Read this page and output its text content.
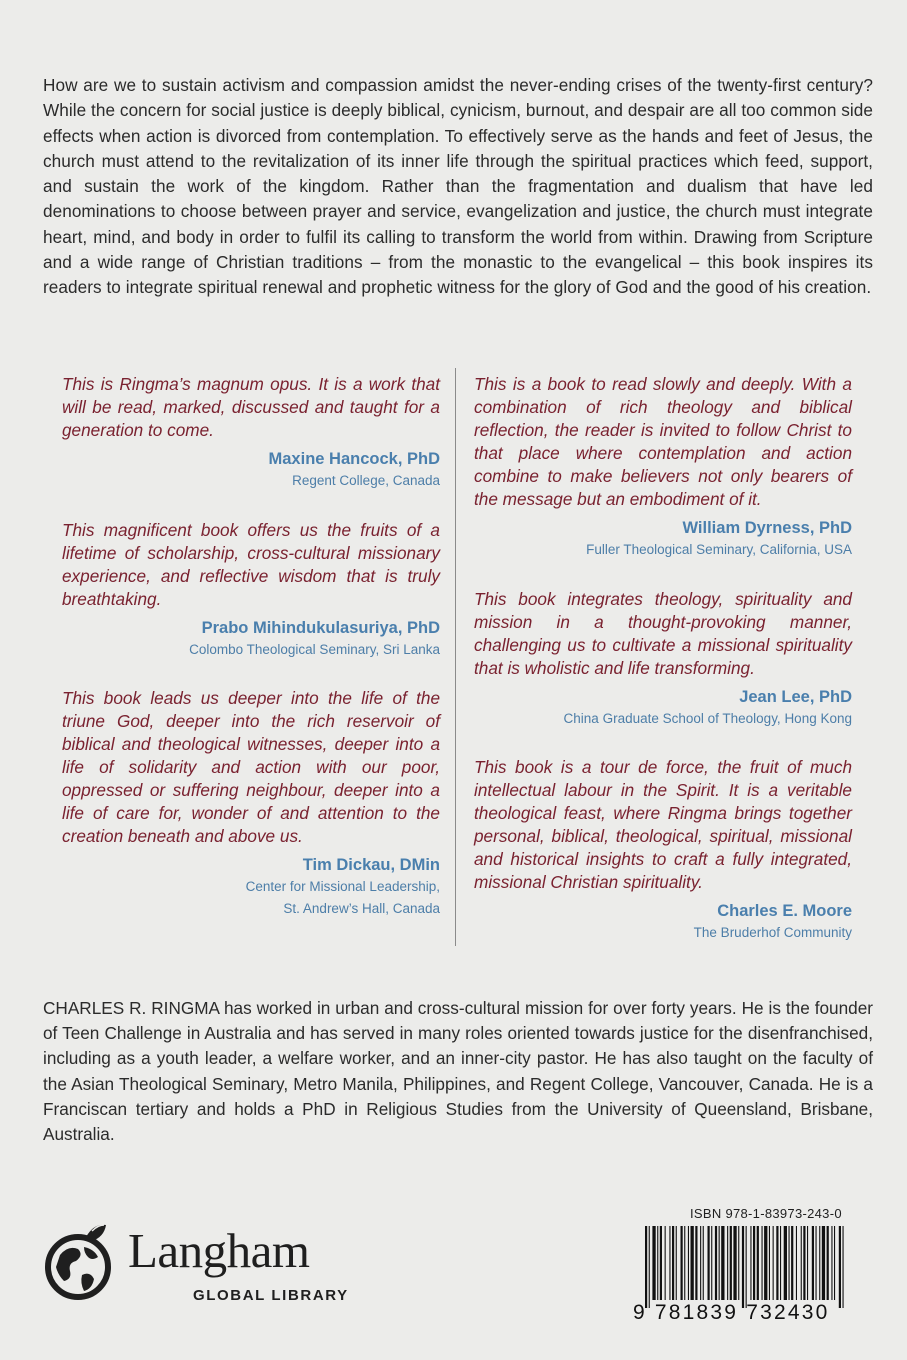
How are we to sustain activism and compassion amidst the never-ending crises of the twenty-first century? While the concern for social justice is deeply biblical, cynicism, burnout, and despair are all too common side effects when action is divorced from contemplation. To effectively serve as the hands and feet of Jesus, the church must attend to the revitalization of its inner life through the spiritual practices which feed, support, and sustain the work of the kingdom. Rather than the fragmentation and dualism that have led denominations to choose between prayer and service, evangelization and justice, the church must integrate heart, mind, and body in order to fulfil its calling to transform the world from within. Drawing from Scripture and a wide range of Christian traditions – from the monastic to the evangelical – this book inspires its readers to integrate spiritual renewal and prophetic witness for the glory of God and the good of his creation.
This is Ringma’s magnum opus. It is a work that will be read, marked, discussed and taught for a generation to come.
Maxine Hancock, PhD
Regent College, Canada
This magnificent book offers us the fruits of a lifetime of scholarship, cross-cultural missionary experience, and reflective wisdom that is truly breathtaking.
Prabo Mihindukulasuriya, PhD
Colombo Theological Seminary, Sri Lanka
This book leads us deeper into the life of the triune God, deeper into the rich reservoir of biblical and theological witnesses, deeper into a life of solidarity and action with our poor, oppressed or suffering neighbour, deeper into a life of care for, wonder of and attention to the creation beneath and above us.
Tim Dickau, DMin
Center for Missional Leadership,
St. Andrew’s Hall, Canada
This is a book to read slowly and deeply. With a combination of rich theology and biblical reflection, the reader is invited to follow Christ to that place where contemplation and action combine to make believers not only bearers of the message but an embodiment of it.
William Dyrness, PhD
Fuller Theological Seminary, California, USA
This book integrates theology, spirituality and mission in a thought-provoking manner, challenging us to cultivate a missional spirituality that is wholistic and life transforming.
Jean Lee, PhD
China Graduate School of Theology, Hong Kong
This book is a tour de force, the fruit of much intellectual labour in the Spirit. It is a veritable theological feast, where Ringma brings together personal, biblical, theological, spiritual, missional and historical insights to craft a fully integrated, missional Christian spirituality.
Charles E. Moore
The Bruderhof Community
CHARLES R. RINGMA has worked in urban and cross-cultural mission for over forty years. He is the founder of Teen Challenge in Australia and has served in many roles oriented towards justice for the disenfranchised, including as a youth leader, a welfare worker, and an inner-city pastor. He has also taught on the faculty of the Asian Theological Seminary, Metro Manila, Philippines, and Regent College, Vancouver, Canada. He is a Franciscan tertiary and holds a PhD in Religious Studies from the University of Queensland, Brisbane, Australia.
Langham
GLOBAL LIBRARY
ISBN 978-1-83973-243-0
9 781839 732430
